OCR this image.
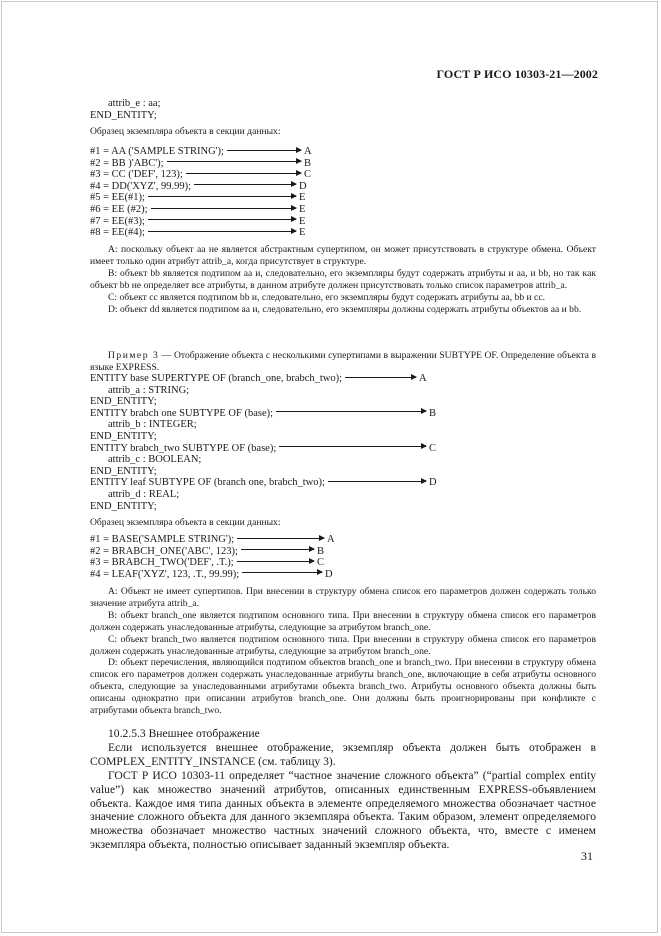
ГОСТ Р ИСО 10303-21—2002
attrib_e : aa;
END_ENTITY;
Образец экземпляра объекта в секции данных:
#1 = AA ('SAMPLE STRING');	A
#2 = BB )'ABC');	B
#3 = CC ('DEF', 123);	C
#4 = DD('XYZ', 99.99);	D
#5 = EE(#1);	E
#6 = EE (#2);	E
#7 = EE(#3);	E
#8 = EE(#4);	E

А: поскольку объект aa не является абстрактным супертипом, он может присутствовать в структуре обмена. Объект имеет только один атрибут attrib_a, когда присутствует в структуре.

В: объект bb является подтипом aa и, следовательно, его экземпляры будут содержать атрибуты и aa, и bb, но так как объект bb не определяет все атрибуты, в данном атрибуте должен присутствовать только список параметров attrib_a.

С: объект cc является подтипом bb и, следовательно, его экземпляры будут содержать атрибуты aa, bb и cc.

D: объект dd является подтипом aa и, следовательно, его экземпляры должны содержать атрибуты объектов aa и bb.

Пример 3 — Отображение объекта с несколькими супертипами в выражении SUBTYPE OF. Определение объекта в языке EXPRESS.

ENTITY base SUPERTYPE OF (branch_one, brabch_two);	A
attrib_a : STRING;
END_ENTITY;
ENTITY brabch one SUBTYPE OF (base);	B
attrib_b : INTEGER;
END_ENTITY;
ENTITY brabch_two SUBTYPE OF (base);	C
attrib_c : BOOLEAN;
END_ENTITY;
ENTITY leaf SUBTYPE OF (branch one, brabch_two);	D
attrib_d : REAL;
END_ENTITY;
Образец экземпляра объекта в секции данных:
#1 = BASE('SAMPLE STRING');	A
#2 = BRABCH_ONE('ABC', 123);	B
#3 = BRABCH_TWO('DEF', .T.);	C
#4 = LEAF('XYZ', 123, .T., 99.99);	D

А: Объект не имеет супертипов. При внесении в структуру обмена список его параметров должен содержать только значение атрибута attrib_a.

В: объект branch_one является подтипом основного типа. При внесении в структуру обмена список его параметров должен содержать унаследованные атрибуты, следующие за атрибутом branch_one.

С: объект branch_two является подтипом основного типа. При внесении в структуру обмена список его параметров должен содержать унаследованные атрибуты, следующие за атрибутом branch_one.

D: объект перечисления, являющийся подтипом объектов branch_one и branch_two. При внесении в структуру обмена список его параметров должен содержать унаследованные атрибуты branch_one, включающие в себя атрибуты основного объекта, следующие за унаследованными атрибутами объекта branch_two. Атрибуты основного объекта должны быть описаны однократно при описании атрибутов branch_one. Они должны быть проигнорированы при конфликте с атрибутами объекта branch_two.

10.2.5.3 Внешнее отображение

Если используется внешнее отображение, экземпляр объекта должен быть отображен в COMPLEX_ENTITY_INSTANCE (см. таблицу 3).

ГОСТ Р ИСО 10303-11 определяет “частное значение сложного объекта” (“partial complex entity value”) как множество значений атрибутов, описанных единственным EXPRESS-объявлением объекта. Каждое имя типа данных объекта в элементе определяемого множества обозначает частное значение сложного объекта для данного экземпляра объекта. Таким образом, элемент определяемого множества обозначает множество частных значений сложного объекта, что, вместе с именем экземпляра объекта, полностью описывает заданный экземпляр объекта.

31
